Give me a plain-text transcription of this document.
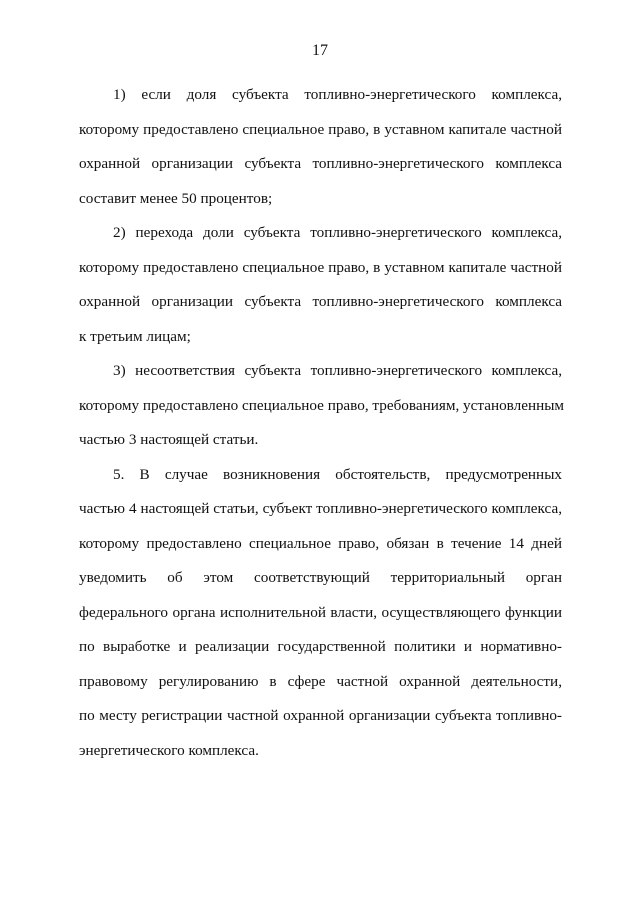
17
1) если доля субъекта топливно-энергетического комплекса,
которому предоставлено специальное право, в уставном капитале частной
охранной организации субъекта топливно-энергетического комплекса
составит менее 50 процентов;
2) перехода доли субъекта топливно-энергетического комплекса,
которому предоставлено специальное право, в уставном капитале частной
охранной организации субъекта топливно-энергетического комплекса
к третьим лицам;
3) несоответствия субъекта топливно-энергетического комплекса,
которому предоставлено специальное право, требованиям, установленным
частью 3 настоящей статьи.
5. В случае возникновения обстоятельств, предусмотренных
частью 4 настоящей статьи, субъект топливно-энергетического комплекса,
которому предоставлено специальное право, обязан в течение 14 дней
уведомить об этом соответствующий территориальный орган
федерального органа исполнительной власти, осуществляющего функции
по выработке и реализации государственной политики и нормативно-
правовому регулированию в сфере частной охранной деятельности,
по месту регистрации частной охранной организации субъекта топливно-
энергетического комплекса.
